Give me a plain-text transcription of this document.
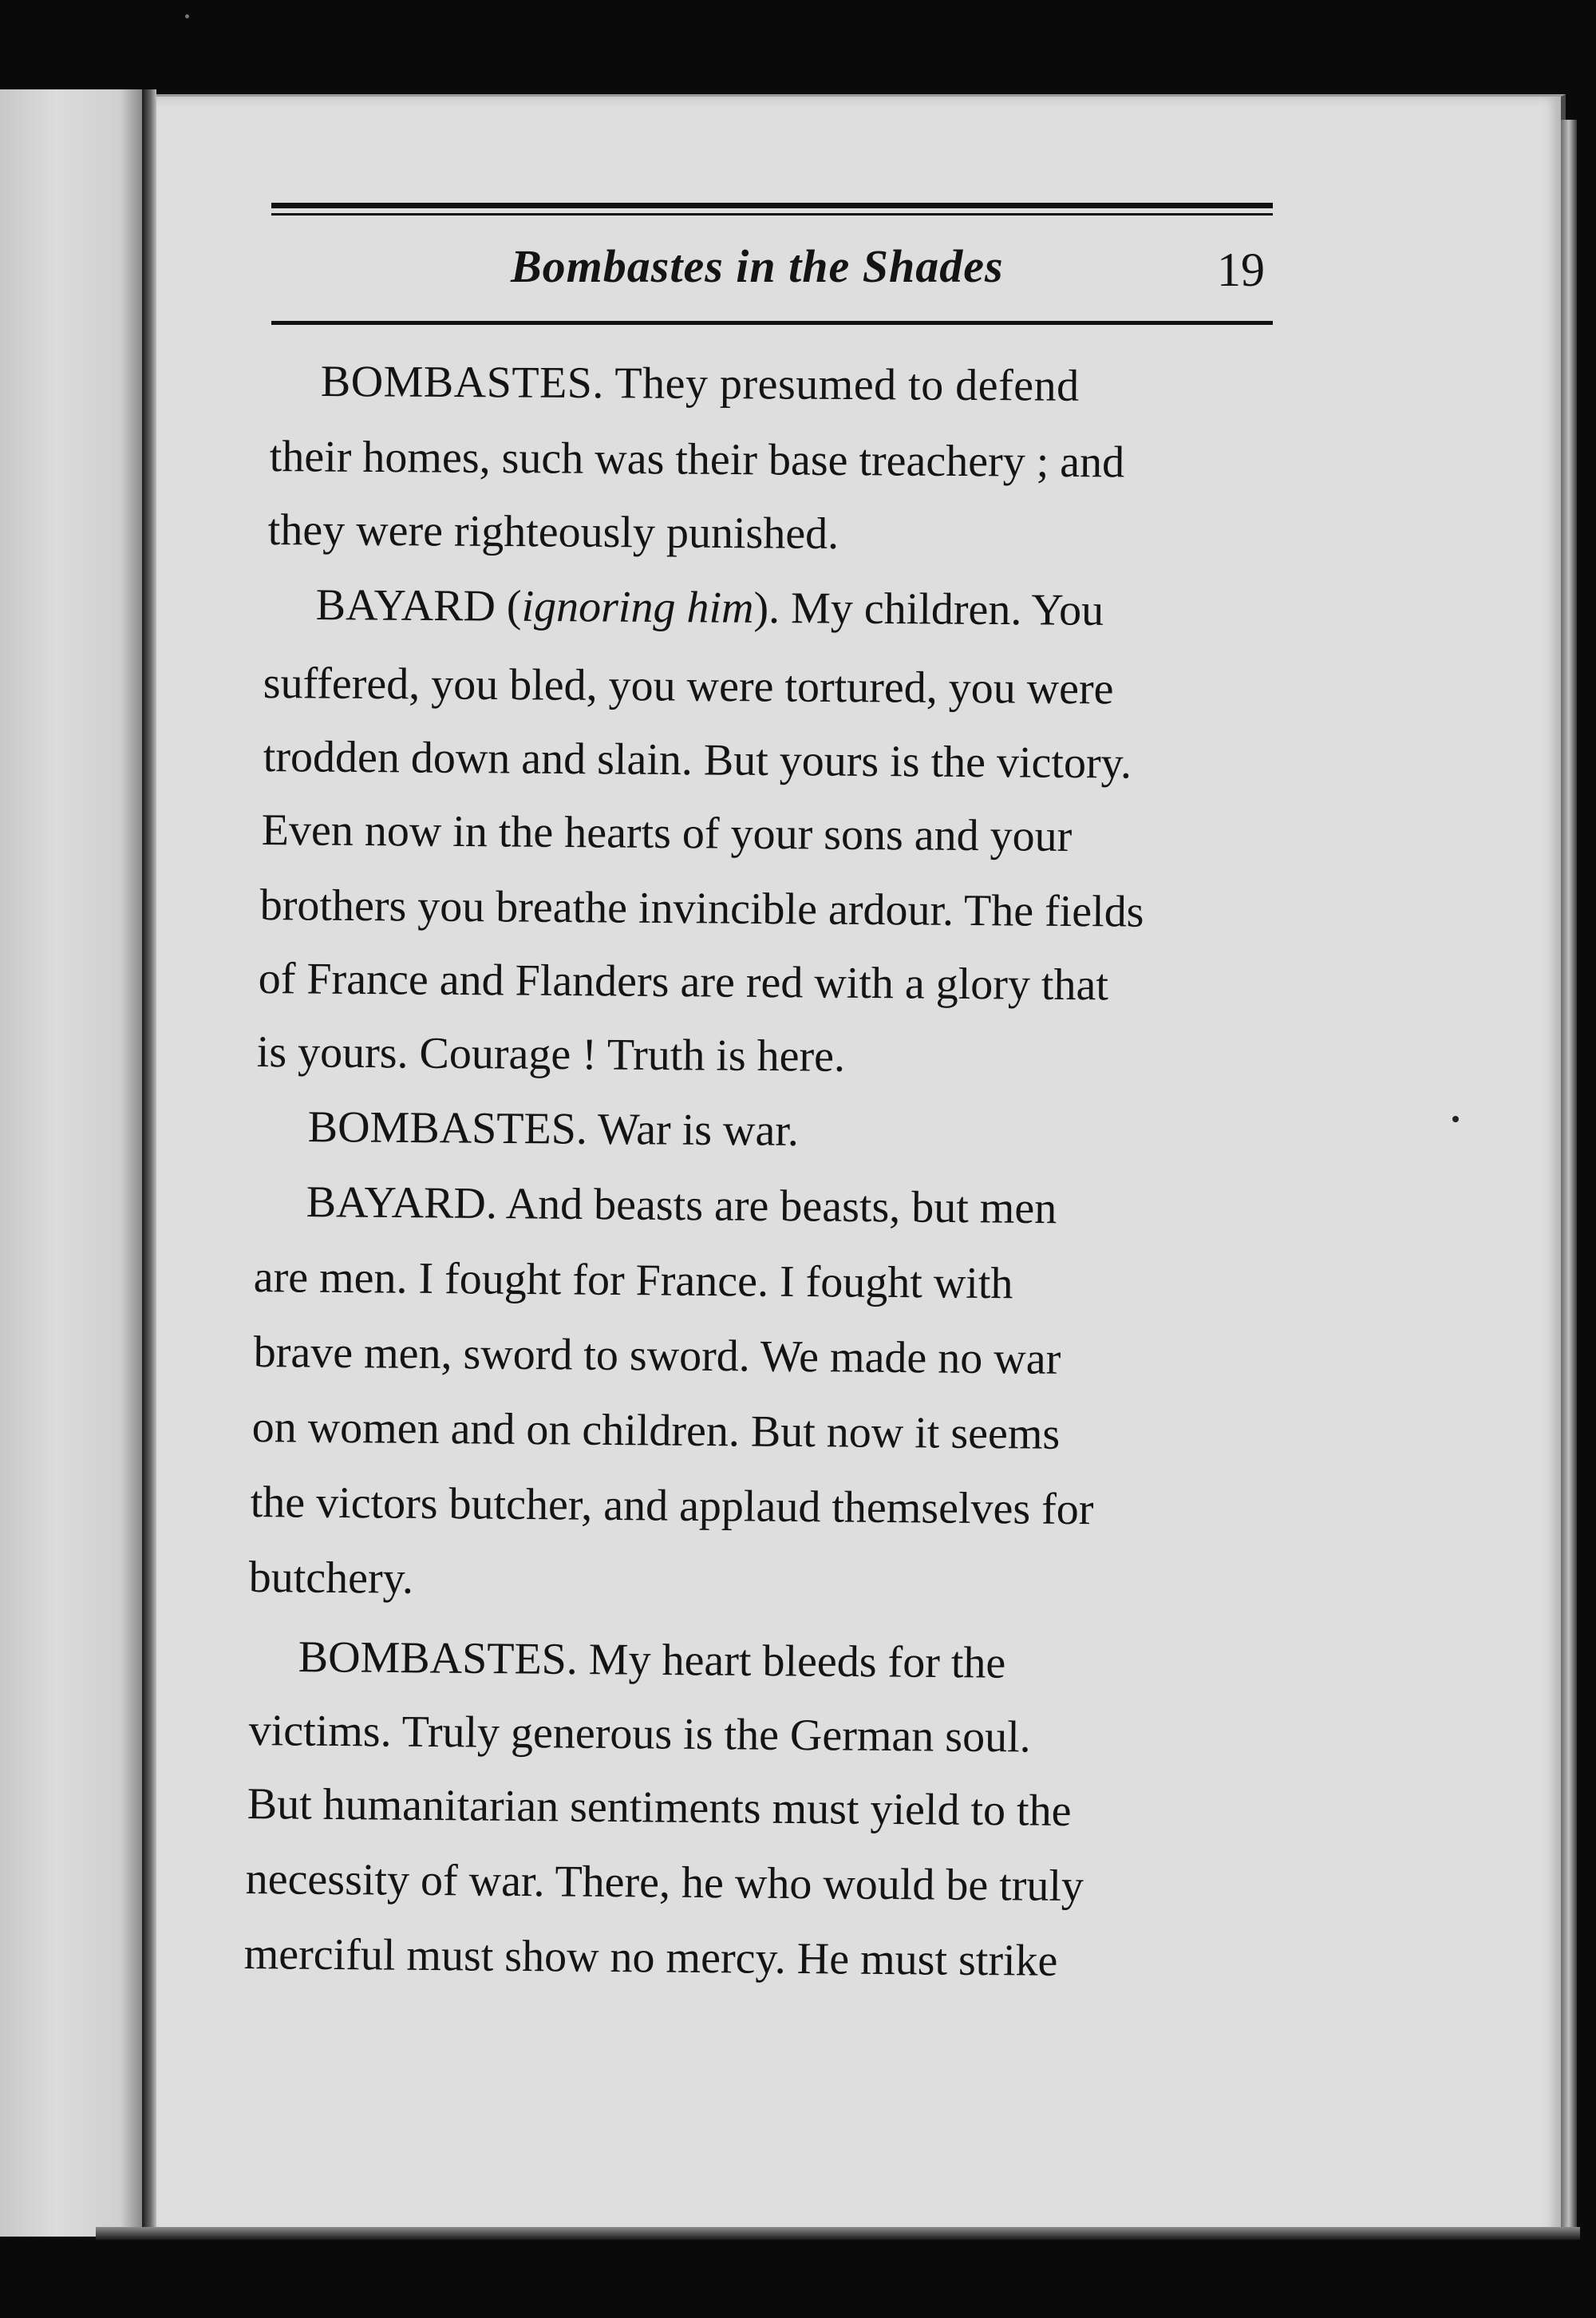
Bombastes in the Shades	19
BOMBASTES. They presumed to defend
their homes, such was their base treachery ; and
they were righteously punished.
BAYARD (ignoring him). My children. You
suffered, you bled, you were tortured, you were
trodden down and slain. But yours is the victory.
Even now in the hearts of your sons and your
brothers you breathe invincible ardour. The fields
of France and Flanders are red with a glory that
is yours. Courage ! Truth is here.
BOMBASTES. War is war.
BAYARD. And beasts are beasts, but men
are men. I fought for France. I fought with
brave men, sword to sword. We made no war
on women and on children. But now it seems
the victors butcher, and applaud themselves for
butchery.
BOMBASTES. My heart bleeds for the
victims. Truly generous is the German soul.
But humanitarian sentiments must yield to the
necessity of war. There, he who would be truly
merciful must show no mercy. He must strike
